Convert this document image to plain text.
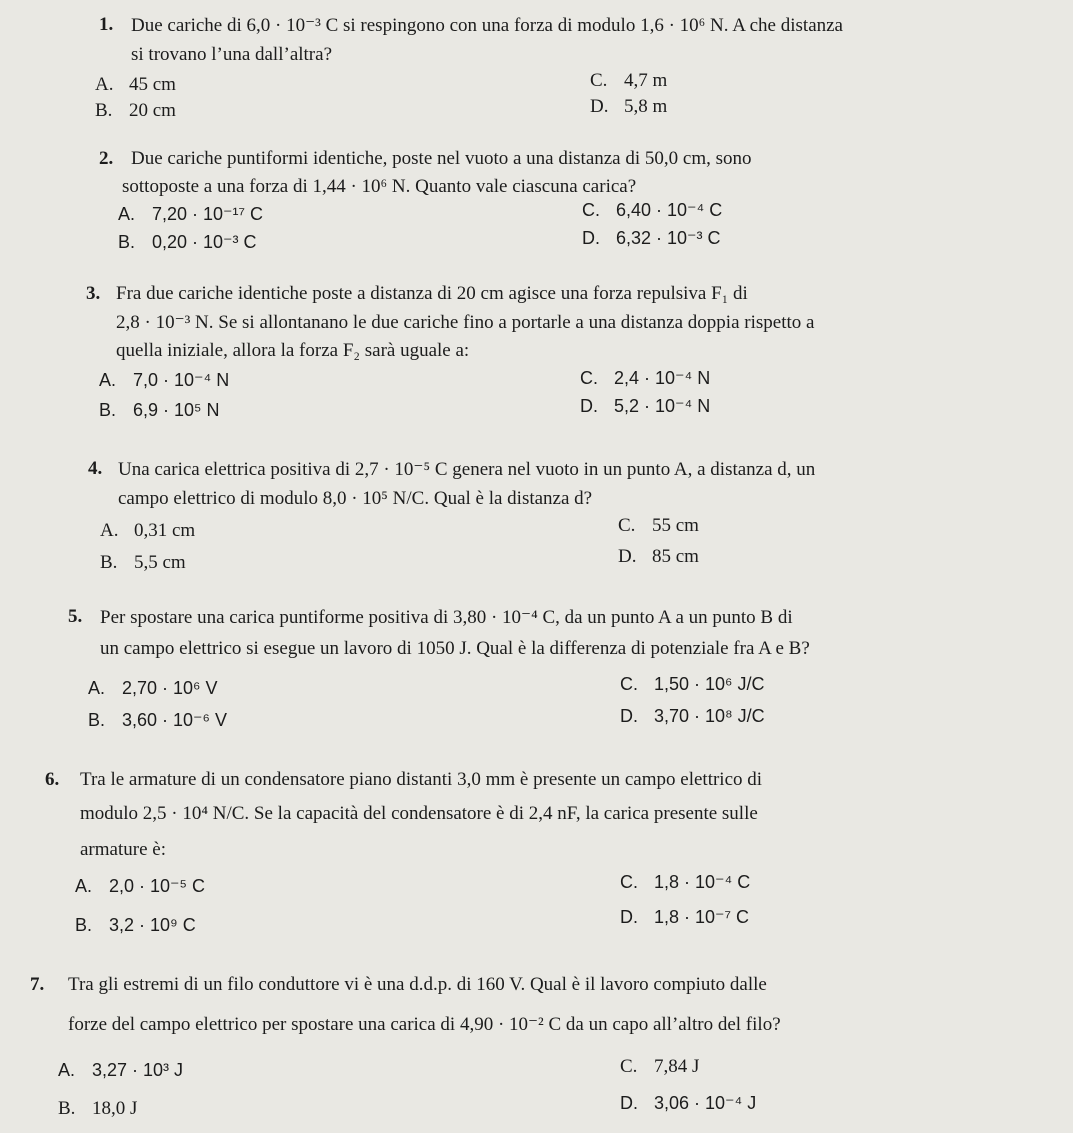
1. Due cariche di 6,0 · 10⁻³ C si respingono con una forza di modulo 1,6 · 10⁶ N. A che distanza
si trovano l’una dall’altra?
A. 45 cm
B. 20 cm
C. 4,7 m
D. 5,8 m
2. Due cariche puntiformi identiche, poste nel vuoto a una distanza di 50,0 cm, sono
sottoposte a una forza di 1,44 · 10⁶ N. Quanto vale ciascuna carica?
A. 7,20 · 10⁻¹⁷ C
B. 0,20 · 10⁻³ C
C. 6,40 · 10⁻⁴ C
D. 6,32 · 10⁻³ C
3. Fra due cariche identiche poste a distanza di 20 cm agisce una forza repulsiva F₁ di
2,8 · 10⁻³ N. Se si allontanano le due cariche fino a portarle a una distanza doppia rispetto a
quella iniziale, allora la forza F₂ sarà uguale a:
A. 7,0 · 10⁻⁴ N
B. 6,9 · 10⁵ N
C. 2,4 · 10⁻⁴ N
D. 5,2 · 10⁻⁴ N
4. Una carica elettrica positiva di 2,7 · 10⁻⁵ C genera nel vuoto in un punto A, a distanza d, un
campo elettrico di modulo 8,0 · 10⁵ N/C. Qual è la distanza d?
A. 0,31 cm
B. 5,5 cm
C. 55 cm
D. 85 cm
5. Per spostare una carica puntiforme positiva di 3,80 · 10⁻⁴ C, da un punto A a un punto B di
un campo elettrico si esegue un lavoro di 1050 J. Qual è la differenza di potenziale fra A e B?
A. 2,70 · 10⁶ V
B. 3,60 · 10⁻⁶ V
C. 1,50 · 10⁶ J/C
D. 3,70 · 10⁸ J/C
6. Tra le armature di un condensatore piano distanti 3,0 mm è presente un campo elettrico di
modulo 2,5 · 10⁴ N/C. Se la capacità del condensatore è di 2,4 nF, la carica presente sulle
armature è:
A. 2,0 · 10⁻⁵ C
B. 3,2 · 10⁹ C
C. 1,8 · 10⁻⁴ C
D. 1,8 · 10⁻⁷ C
7. Tra gli estremi di un filo conduttore vi è una d.d.p. di 160 V. Qual è il lavoro compiuto dalle
forze del campo elettrico per spostare una carica di 4,90 · 10⁻² C da un capo all’altro del filo?
A. 3,27 · 10³ J
B. 18,0 J
C. 7,84 J
D. 3,06 · 10⁻⁴ J
